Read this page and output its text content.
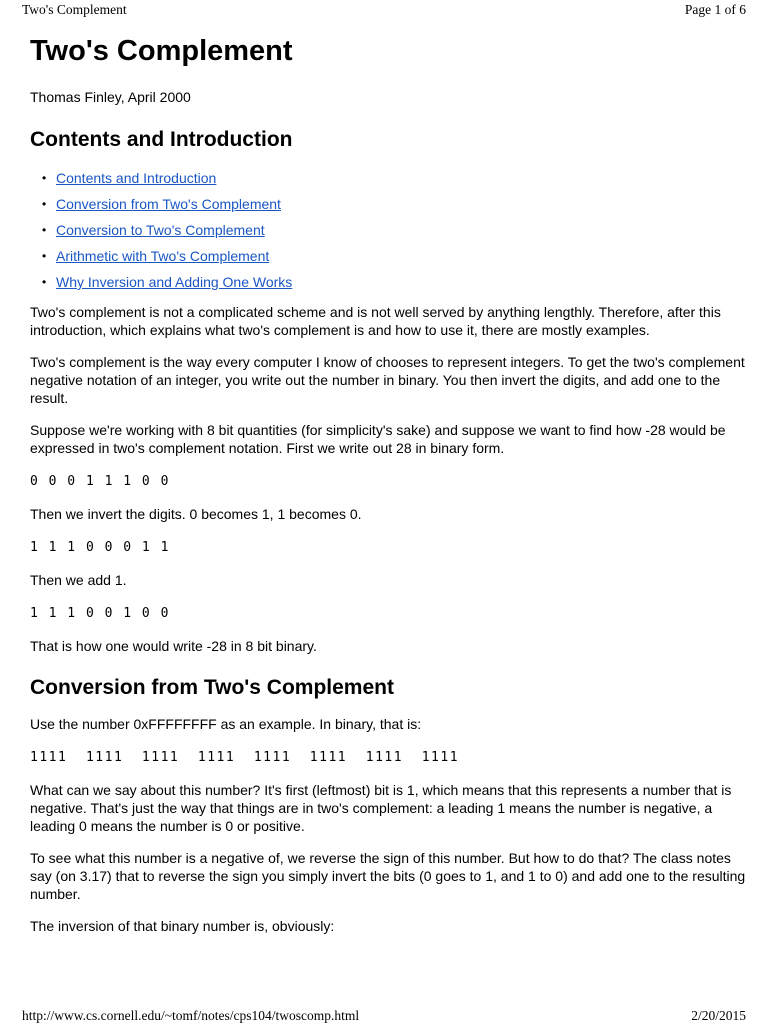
Two's Complement	Page 1 of 6
Two's Complement
Thomas Finley, April 2000
Contents and Introduction
• Contents and Introduction
• Conversion from Two's Complement
• Conversion to Two's Complement
• Arithmetic with Two's Complement
• Why Inversion and Adding One Works

Two's complement is not a complicated scheme and is not well served by anything lengthly. Therefore, after this introduction, which explains what two's complement is and how to use it, there are mostly examples.

Two's complement is the way every computer I know of chooses to represent integers. To get the two's complement negative notation of an integer, you write out the number in binary. You then invert the digits, and add one to the result.

Suppose we're working with 8 bit quantities (for simplicity's sake) and suppose we want to find how -28 would be expressed in two's complement notation. First we write out 28 in binary form.

0 0 0 1 1 1 0 0

Then we invert the digits. 0 becomes 1, 1 becomes 0.

1 1 1 0 0 0 1 1

Then we add 1.

1 1 1 0 0 1 0 0

That is how one would write -28 in 8 bit binary.

Conversion from Two's Complement

Use the number 0xFFFFFFFF as an example. In binary, that is:

1111  1111  1111  1111  1111  1111  1111  1111

What can we say about this number? It's first (leftmost) bit is 1, which means that this represents a number that is negative. That's just the way that things are in two's complement: a leading 1 means the number is negative, a leading 0 means the number is 0 or positive.

To see what this number is a negative of, we reverse the sign of this number. But how to do that? The class notes say (on 3.17) that to reverse the sign you simply invert the bits (0 goes to 1, and 1 to 0) and add one to the resulting number.

The inversion of that binary number is, obviously:

http://www.cs.cornell.edu/~tomf/notes/cps104/twoscomp.html	2/20/2015
